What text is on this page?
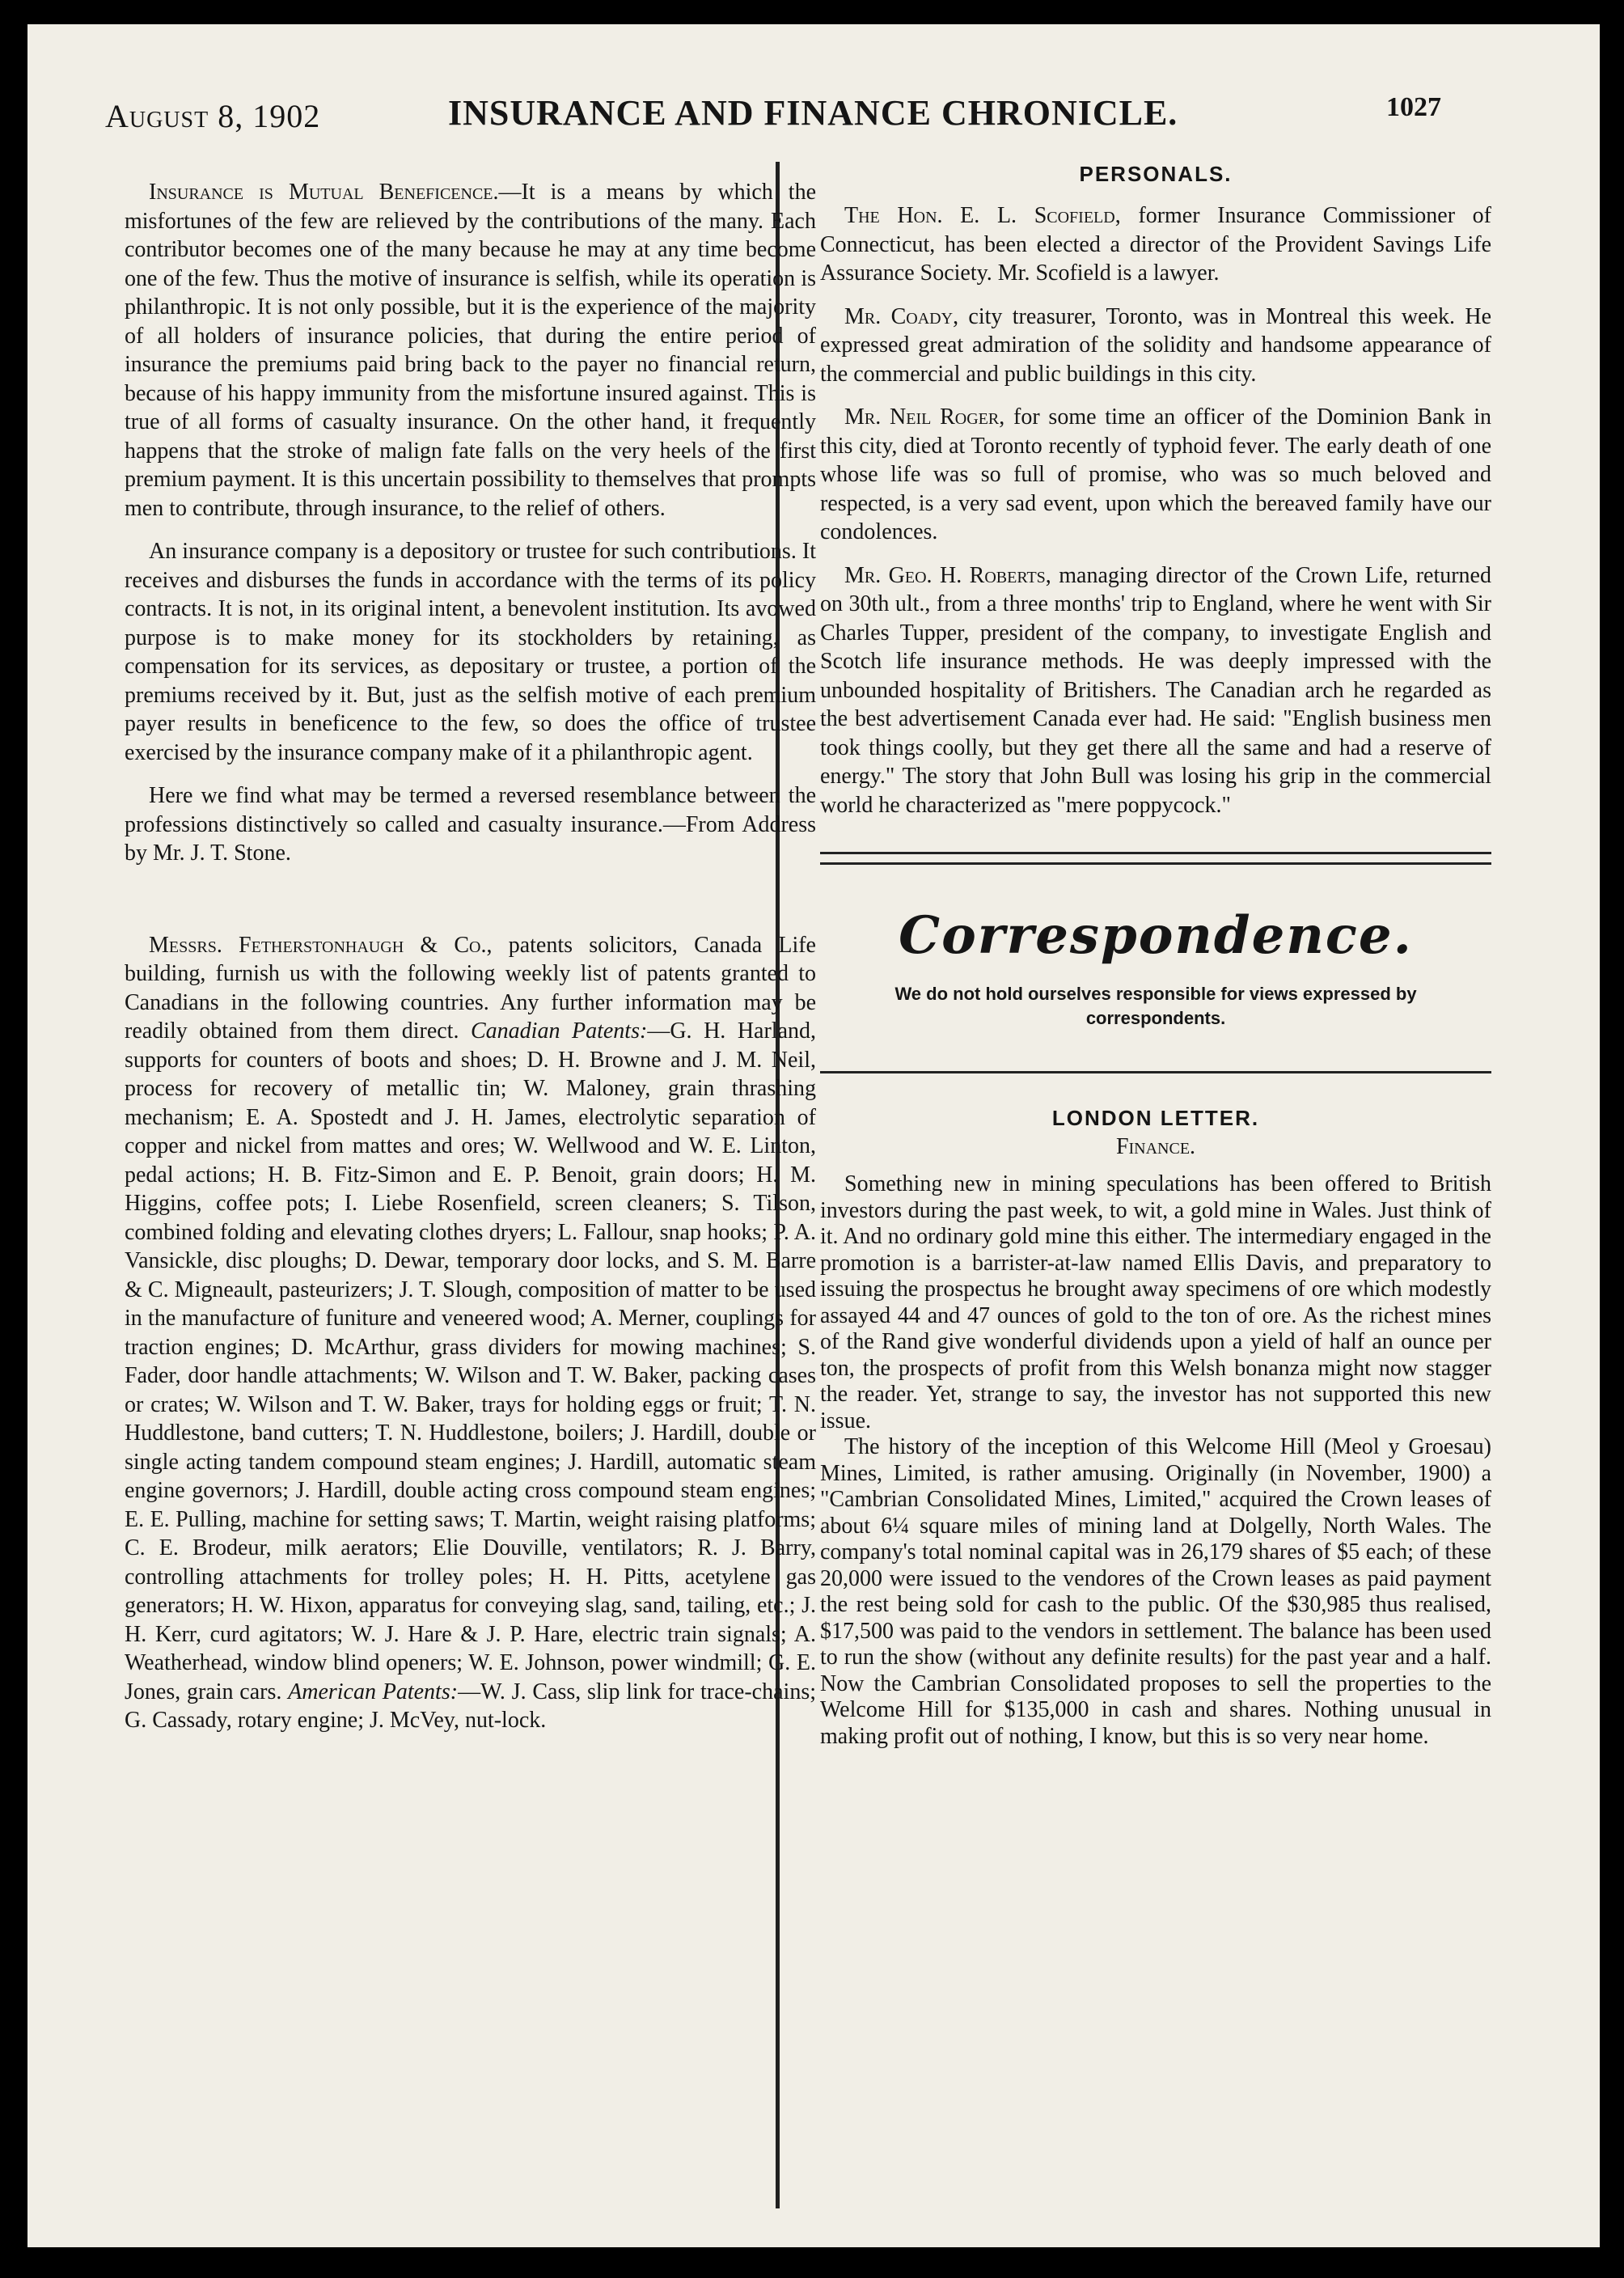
August 8, 1902	INSURANCE AND FINANCE CHRONICLE.	1027

Insurance is Mutual Beneficence.—It is a means by which the misfortunes of the few are relieved by the contributions of the many. Each contributor becomes one of the many because he may at any time become one of the few. Thus the motive of insurance is selfish, while its operation is philanthropic. It is not only possible, but it is the experience of the majority of all holders of insurance policies, that during the entire period of insurance the premiums paid bring back to the payer no financial return, because of his happy immunity from the misfortune insured against. This is true of all forms of casualty insurance. On the other hand, it frequently happens that the stroke of malign fate falls on the very heels of the first premium payment. It is this uncertain possibility to themselves that prompts men to contribute, through insurance, to the relief of others.

An insurance company is a depository or trustee for such contributions. It receives and disburses the funds in accordance with the terms of its policy contracts. It is not, in its original intent, a benevolent institution. Its avowed purpose is to make money for its stockholders by retaining, as compensation for its services, as depositary or trustee, a portion of the premiums received by it. But, just as the selfish motive of each premium payer results in beneficence to the few, so does the office of trustee exercised by the insurance company make of it a philanthropic agent.

Here we find what may be termed a reversed resemblance between the professions distinctively so called and casualty insurance.—From Address by Mr. J. T. Stone.

Messrs. Fetherstonhaugh & Co., patents solicitors, Canada Life building, furnish us with the following weekly list of patents granted to Canadians in the following countries. Any further information may be readily obtained from them direct. Canadian Patents:—G. H. Harland, supports for counters of boots and shoes; D. H. Browne and J. M. Neil, process for recovery of metallic tin; W. Maloney, grain thrashing mechanism; E. A. Spostedt and J. H. James, electrolytic separation of copper and nickel from mattes and ores; W. Wellwood and W. E. Linton, pedal actions; H. B. Fitz-Simon and E. P. Benoit, grain doors; H. M. Higgins, coffee pots; I. Liebe Rosenfield, screen cleaners; S. Tilson, combined folding and elevating clothes dryers; L. Fallour, snap hooks; P. A. Vansickle, disc ploughs; D. Dewar, temporary door locks, and S. M. Barre & C. Migneault, pasteurizers; J. T. Slough, composition of matter to be used in the manufacture of funiture and veneered wood; A. Merner, couplings for traction engines; D. McArthur, grass dividers for mowing machines; S. Fader, door handle attachments; W. Wilson and T. W. Baker, packing cases or crates; W. Wilson and T. W. Baker, trays for holding eggs or fruit; T. N. Huddlestone, band cutters; T. N. Huddlestone, boilers; J. Hardill, double or single acting tandem compound steam engines; J. Hardill, automatic steam engine governors; J. Hardill, double acting cross compound steam engines; E. E. Pulling, machine for setting saws; T. Martin, weight raising platforms; C. E. Brodeur, milk aerators; Elie Douville, ventilators; R. J. Barry, controlling attachments for trolley poles; H. H. Pitts, acetylene gas generators; H. W. Hixon, apparatus for conveying slag, sand, tailing, etc.; J. H. Kerr, curd agitators; W. J. Hare & J. P. Hare, electric train signals; A. Weatherhead, window blind openers; W. E. Johnson, power windmill; G. E. Jones, grain cars. American Patents:—W. J. Cass, slip link for trace-chains; G. Cassady, rotary engine; J. McVey, nut-lock.

PERSONALS.

The Hon. E. L. Scofield, former Insurance Commissioner of Connecticut, has been elected a director of the Provident Savings Life Assurance Society. Mr. Scofield is a lawyer.

Mr. Coady, city treasurer, Toronto, was in Montreal this week. He expressed great admiration of the solidity and handsome appearance of the commercial and public buildings in this city.

Mr. Neil Roger, for some time an officer of the Dominion Bank in this city, died at Toronto recently of typhoid fever. The early death of one whose life was so full of promise, who was so much beloved and respected, is a very sad event, upon which the bereaved family have our condolences.

Mr. Geo. H. Roberts, managing director of the Crown Life, returned on 30th ult., from a three months' trip to England, where he went with Sir Charles Tupper, president of the company, to investigate English and Scotch life insurance methods. He was deeply impressed with the unbounded hospitality of Britishers. The Canadian arch he regarded as the best advertisement Canada ever had. He said: "English business men took things coolly, but they get there all the same and had a reserve of energy." The story that John Bull was losing his grip in the commercial world he characterized as "mere poppycock."

Correspondence.
We do not hold ourselves responsible for views expressed by correspondents.
LONDON LETTER.
Finance.

Something new in mining speculations has been offered to British investors during the past week, to wit, a gold mine in Wales. Just think of it. And no ordinary gold mine this either. The intermediary engaged in the promotion is a barrister-at-law named Ellis Davis, and preparatory to issuing the prospectus he brought away specimens of ore which modestly assayed 44 and 47 ounces of gold to the ton of ore. As the richest mines of the Rand give wonderful dividends upon a yield of half an ounce per ton, the prospects of profit from this Welsh bonanza might now stagger the reader. Yet, strange to say, the investor has not supported this new issue.

The history of the inception of this Welcome Hill (Meol y Groesau) Mines, Limited, is rather amusing. Originally (in November, 1900) a "Cambrian Consolidated Mines, Limited," acquired the Crown leases of about 6¼ square miles of mining land at Dolgelly, North Wales. The company's total nominal capital was in 26,179 shares of $5 each; of these 20,000 were issued to the vendores of the Crown leases as paid payment the rest being sold for cash to the public. Of the $30,985 thus realised, $17,500 was paid to the vendors in settlement. The balance has been used to run the show (without any definite results) for the past year and a half. Now the Cambrian Consolidated proposes to sell the properties to the Welcome Hill for $135,000 in cash and shares. Nothing unusual in making profit out of nothing, I know, but this is so very near home.
